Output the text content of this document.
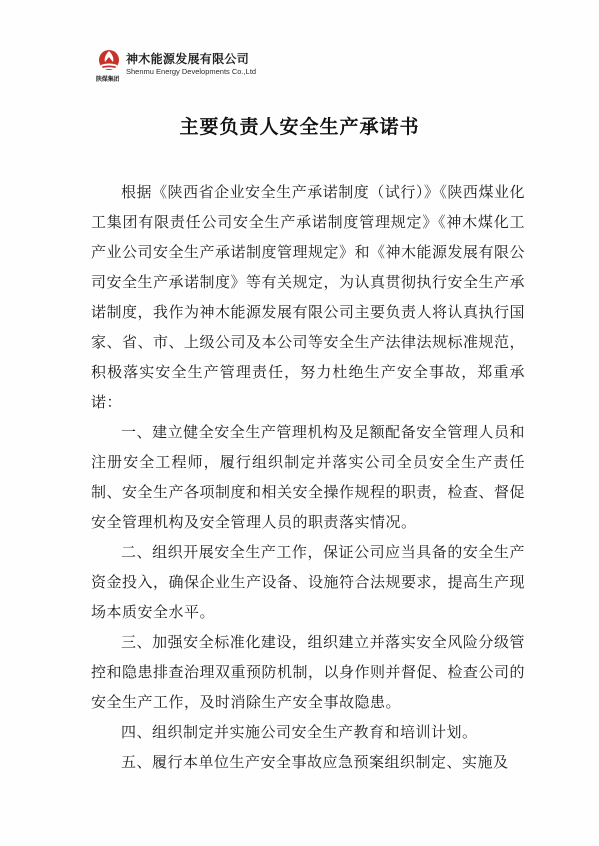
陕煤集团
神木能源发展有限公司
Shenmu Energy Developments Co.,Ltd
主要负责人安全生产承诺书

根据《陕西省企业安全生产承诺制度（试行）》《陕西煤业化工集团有限责任公司安全生产承诺制度管理规定》《神木煤化工产业公司安全生产承诺制度管理规定》和《神木能源发展有限公司安全生产承诺制度》等有关规定，为认真贯彻执行安全生产承诺制度，我作为神木能源发展有限公司主要负责人将认真执行国家、省、市、上级公司及本公司等安全生产法律法规标准规范，积极落实安全生产管理责任，努力杜绝生产安全事故，郑重承诺：

一、建立健全安全生产管理机构及足额配备安全管理人员和注册安全工程师，履行组织制定并落实公司全员安全生产责任制、安全生产各项制度和相关安全操作规程的职责，检查、督促安全管理机构及安全管理人员的职责落实情况。

二、组织开展安全生产工作，保证公司应当具备的安全生产资金投入，确保企业生产设备、设施符合法规要求，提高生产现场本质安全水平。

三、加强安全标准化建设，组织建立并落实安全风险分级管控和隐患排查治理双重预防机制，以身作则并督促、检查公司的安全生产工作，及时消除生产安全事故隐患。

四、组织制定并实施公司安全生产教育和培训计划。

五、履行本单位生产安全事故应急预案组织制定、实施及
